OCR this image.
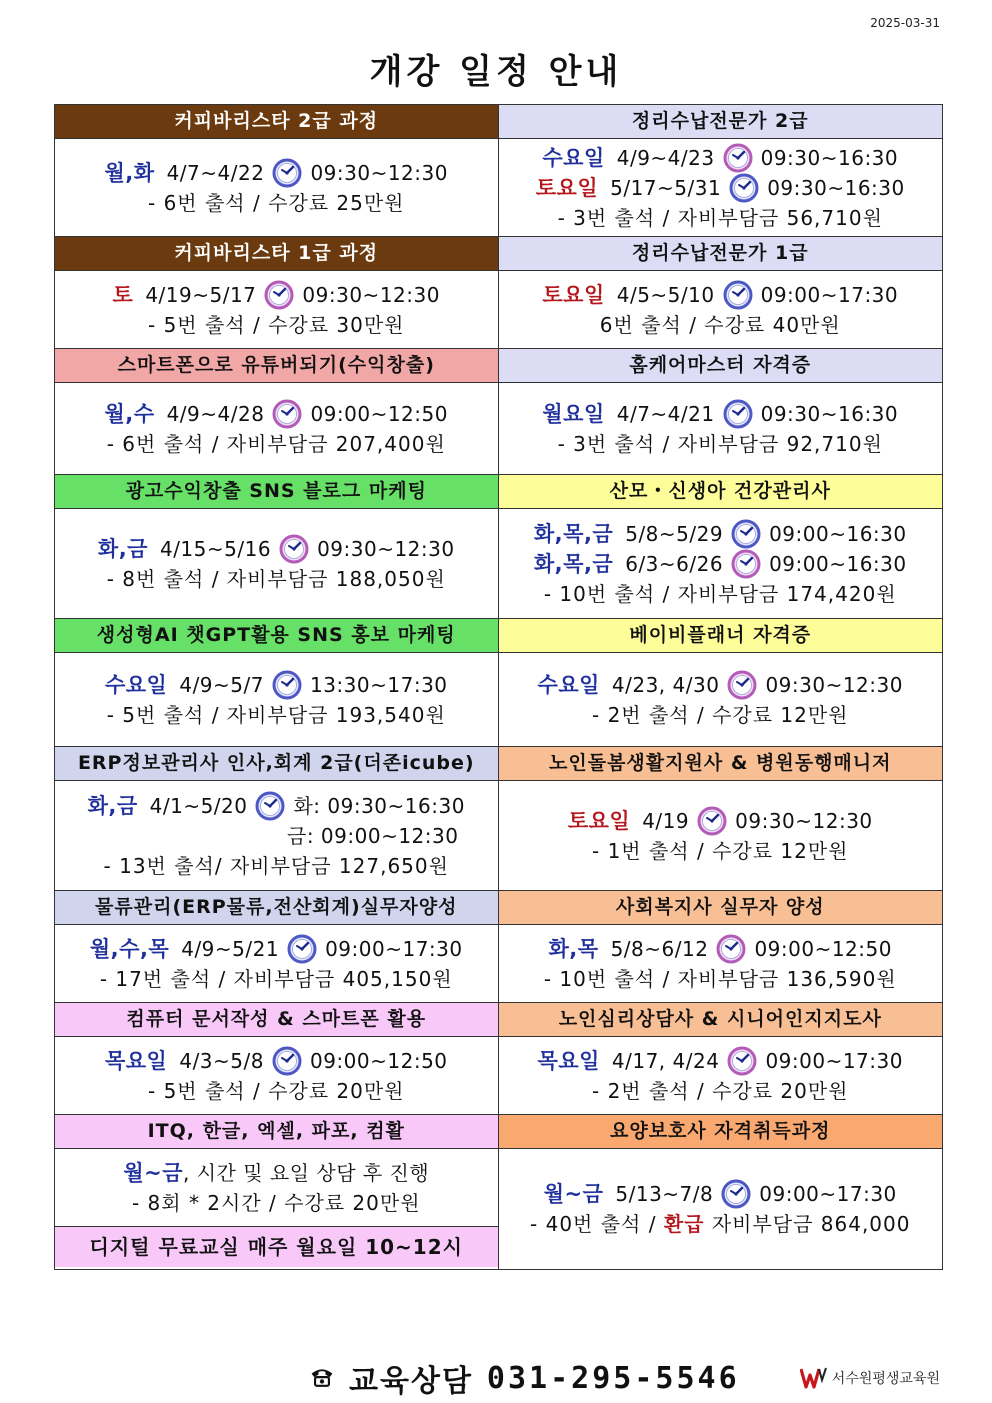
2025-03-31
개강 일정 안내
커피바리스타 2급 과정
월,화 4/7~4/22 09:30~12:30
- 6번 출석 / 수강료 25만원
정리수납전문가 2급
수요일 4/9~4/23 09:30~16:30
토요일 5/17~5/31 09:30~16:30
- 3번 출석 / 자비부담금 56,710원
커피바리스타 1급 과정
토 4/19~5/17 09:30~12:30
- 5번 출석 / 수강료 30만원
정리수납전문가 1급
토요일 4/5~5/10 09:00~17:30
6번 출석 / 수강료 40만원
스마트폰으로 유튜버되기(수익창출)
월,수 4/9~4/28 09:00~12:50
- 6번 출석 / 자비부담금 207,400원
홈케어마스터 자격증
월요일 4/7~4/21 09:30~16:30
- 3번 출석 / 자비부담금 92,710원
광고수익창출 SNS 블로그 마케팅
화,금 4/15~5/16 09:30~12:30
- 8번 출석 / 자비부담금 188,050원
산모・신생아 건강관리사
화,목,금 5/8~5/29 09:00~16:30
화,목,금 6/3~6/26 09:00~16:30
- 10번 출석 / 자비부담금 174,420원
생성형AI 챗GPT활용 SNS 홍보 마케팅
수요일 4/9~5/7 13:30~17:30
- 5번 출석 / 자비부담금 193,540원
베이비플래너 자격증
수요일 4/23, 4/30 09:30~12:30
- 2번 출석 / 수강료 12만원
ERP정보관리사 인사,회계 2급(더존icube)
화,금 4/1~5/20 화: 09:30~16:30
금: 09:00~12:30
- 13번 출석/ 자비부담금 127,650원
노인돌봄생활지원사 & 병원동행매니저
토요일 4/19 09:30~12:30
- 1번 출석 / 수강료 12만원
물류관리(ERP물류,전산회계)실무자양성
월,수,목 4/9~5/21 09:00~17:30
- 17번 출석 / 자비부담금 405,150원
사회복지사 실무자 양성
화,목 5/8~6/12 09:00~12:50
- 10번 출석 / 자비부담금 136,590원
컴퓨터 문서작성 & 스마트폰 활용
목요일 4/3~5/8 09:00~12:50
- 5번 출석 / 수강료 20만원
노인심리상담사 & 시니어인지지도사
목요일 4/17, 4/24 09:00~17:30
- 2번 출석 / 수강료 20만원
ITQ, 한글, 엑셀, 파포, 컴활
월~금 , 시간 및 요일 상담 후 진행
- 8회 * 2시간 / 수강료 20만원
디지털 무료교실 매주 월요일 10~12시
요양보호사 자격취득과정
월~금 5/13~7/8 09:00~17:30
- 40번 출석 / 환급 자비부담금 864,000
교육상담 031-295-5546	서수원평생교육원
